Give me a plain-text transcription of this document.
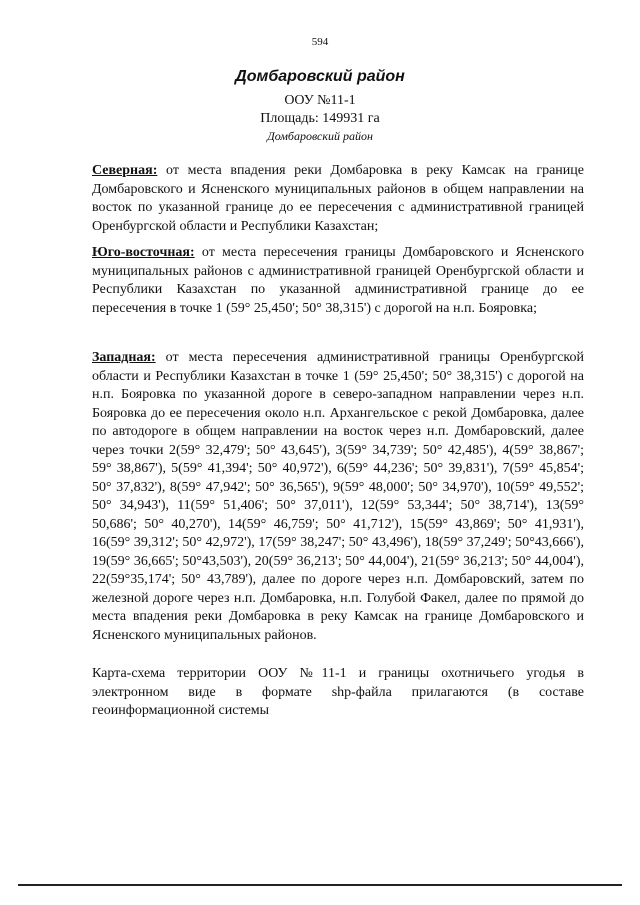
594
Домбаровский район
ООУ №11-1
Площадь: 149931 га
Домбаровский район
Северная: от места впадения реки Домбаровка в реку Камсак на границе Домбаровского и Ясненского муниципальных районов в общем направлении на восток по указанной границе до ее пересечения с административной границей Оренбургской области и Республики Казахстан;
Юго-восточная: от места пересечения границы Домбаровского и Ясненского муниципальных районов с административной границей Оренбургской области и Республики Казахстан по указанной административной границе до ее пересечения в точке 1 (59° 25,450'; 50° 38,315') с дорогой на н.п. Бояровка;
Западная: от места пересечения административной границы Оренбургской области и Республики Казахстан в точке 1 (59° 25,450'; 50° 38,315') с дорогой на н.п. Бояровка по указанной дороге в северо-западном направлении через н.п. Бояровка до ее пересечения около н.п. Архангельское с рекой Домбаровка, далее по автодороге в общем направлении на восток через н.п. Домбаровский, далее через точки 2(59° 32,479'; 50° 43,645'), 3(59° 34,739'; 50° 42,485'), 4(59° 38,867'; 59° 38,867'), 5(59° 41,394'; 50° 40,972'), 6(59° 44,236'; 50° 39,831'), 7(59° 45,854'; 50° 37,832'), 8(59° 47,942'; 50° 36,565'), 9(59° 48,000'; 50° 34,970'), 10(59° 49,552'; 50° 34,943'), 11(59° 51,406'; 50° 37,011'), 12(59° 53,344'; 50° 38,714'), 13(59° 50,686'; 50° 40,270'), 14(59° 46,759'; 50° 41,712'), 15(59° 43,869'; 50° 41,931'), 16(59° 39,312'; 50° 42,972'), 17(59° 38,247'; 50° 43,496'), 18(59° 37,249'; 50°43,666'), 19(59° 36,665'; 50°43,503'), 20(59° 36,213'; 50° 44,004'), 21(59° 36,213'; 50° 44,004'), 22(59°35,174'; 50° 43,789'), далее по дороге через н.п. Домбаровский, затем по железной дороге через н.п. Домбаровка, н.п. Голубой Факел, далее по прямой до места впадения реки Домбаровка в реку Камсак на границе Домбаровского и Ясненского муниципальных районов.
Карта-схема территории ООУ №11-1 и границы охотничьего угодья в электронном виде в формате shp-файла прилагаются (в составе геоинформационной системы
